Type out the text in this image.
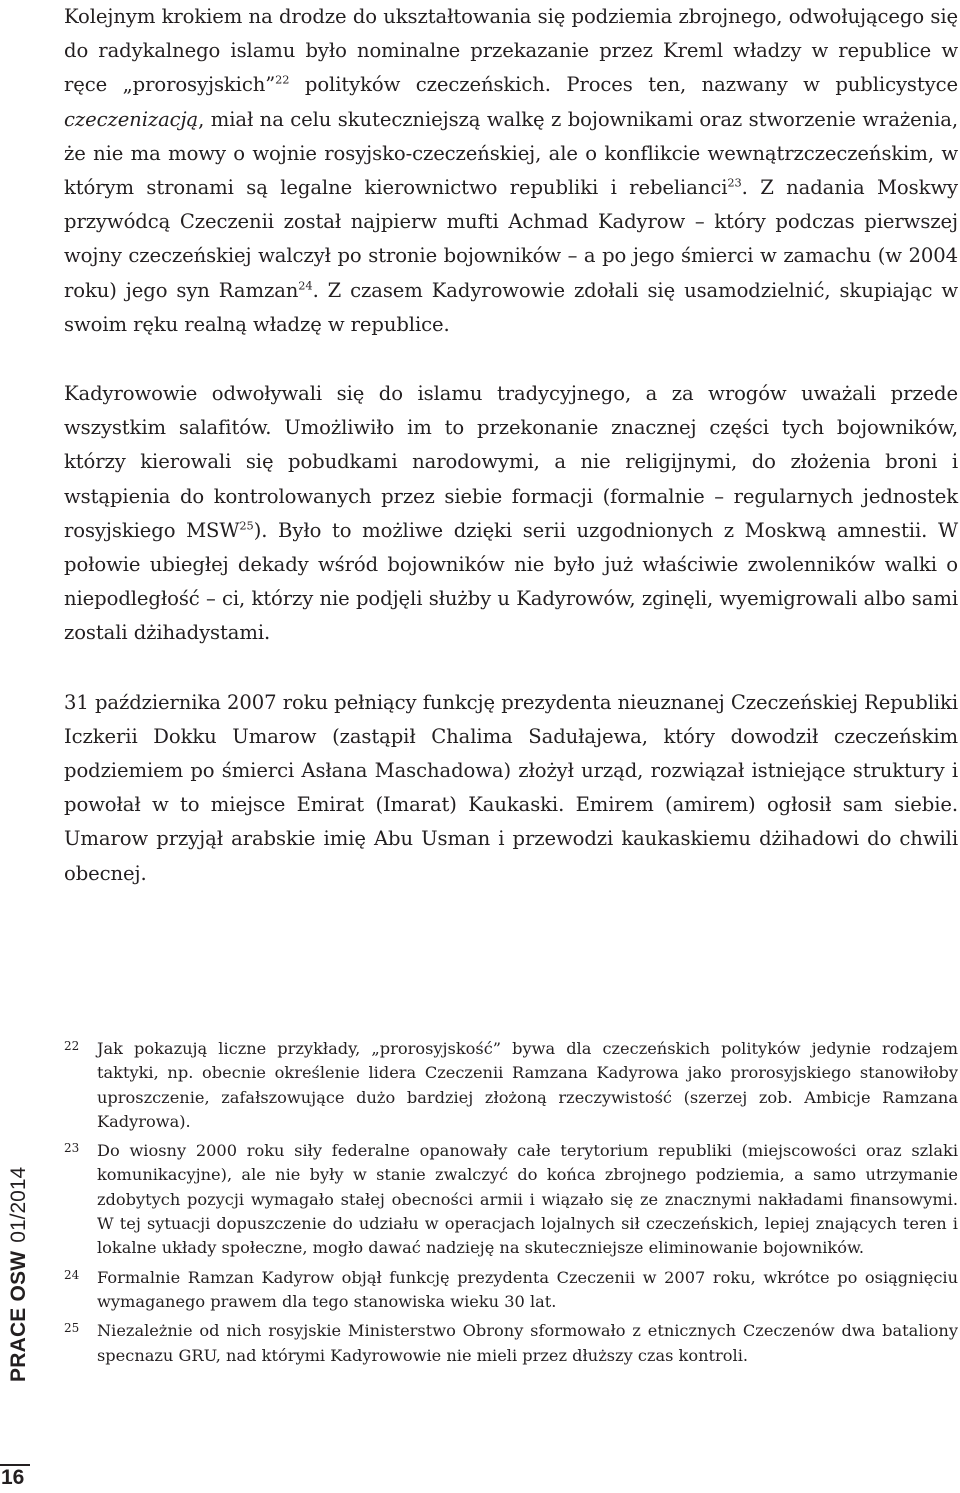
Kolejnym krokiem na drodze do ukształtowania się podziemia zbrojnego, odwołującego się do radykalnego islamu było nominalne przekazanie przez Kreml władzy w republice w ręce „prorosyjskich”$^{22}$ polityków czeczeńskich. Proces ten, nazwany w publicystyce czeczenizacją, miał na celu skuteczniejszą walkę z bojownikami oraz stworzenie wrażenia, że nie ma mowy o wojnie rosyjsko-czeczeńskiej, ale o konflikcie wewnątrzczeczeńskim, w którym stronami są legalne kierownictwo republiki i rebelianci$^{23}$. Z nadania Moskwy przywódcą Czeczenii został najpierw mufti Achmad Kadyrow – który podczas pierwszej wojny czeczeńskiej walczył po stronie bojowników – a po jego śmierci w zamachu (w 2004 roku) jego syn Ramzan$^{24}$. Z czasem Kadyrowowie zdołali się usamodzielnić, skupiając w swoim ręku realną władzę w republice.

Kadyrowowie odwoływali się do islamu tradycyjnego, a za wrogów uważali przede wszystkim salafitów. Umożliwiło im to przekonanie znacznej części tych bojowników, którzy kierowali się pobudkami narodowymi, a nie religijnymi, do złożenia broni i wstąpienia do kontrolowanych przez siebie formacji (formalnie – regularnych jednostek rosyjskiego MSW$^{25}$). Było to możliwe dzięki serii uzgodnionych z Moskwą amnestii. W połowie ubiegłej dekady wśród bojowników nie było już właściwie zwolenników walki o niepodległość – ci, którzy nie podjęli służby u Kadyrowów, zginęli, wyemigrowali albo sami zostali dżihadystami.

31 października 2007 roku pełniący funkcję prezydenta nieuznanej Czeczeńskiej Republiki Iczkerii Dokku Umarow (zastąpił Chalima Sadułajewa, który dowodził czeczeńskim podziemiem po śmierci Asłana Maschadowa) złożył urząd, rozwiązał istniejące struktury i powołał w to miejsce Emirat (Imarat) Kaukaski. Emirem (amirem) ogłosił sam siebie. Umarow przyjął arabskie imię Abu Usman i przewodzi kaukaskiemu dżihadowi do chwili obecnej.

22	Jak pokazują liczne przykłady, „prorosyjskość” bywa dla czeczeńskich polityków jedynie rodzajem taktyki, np. obecnie określenie lidera Czeczenii Ramzana Kadyrowa jako prorosyjskiego stanowiłoby uproszczenie, zafałszowujące dużo bardziej złożoną rzeczywistość (szerzej zob. Ambicje Ramzana Kadyrowa).
23	Do wiosny 2000 roku siły federalne opanowały całe terytorium republiki (miejscowości oraz szlaki komunikacyjne), ale nie były w stanie zwalczyć do końca zbrojnego podziemia, a samo utrzymanie zdobytych pozycji wymagało stałej obecności armii i wiązało się ze znacznymi nakładami finansowymi. W tej sytuacji dopuszczenie do udziału w operacjach lojalnych sił czeczeńskich, lepiej znających teren i lokalne układy społeczne, mogło dawać nadzieję na skuteczniejsze eliminowanie bojowników.
24	Formalnie Ramzan Kadyrow objął funkcję prezydenta Czeczenii w 2007 roku, wkrótce po osiągnięciu wymaganego prawem dla tego stanowiska wieku 30 lat.
25	Niezależnie od nich rosyjskie Ministerstwo Obrony sformowało z etnicznych Czeczenów dwa bataliony specnazu GRU, nad którymi Kadyrowowie nie mieli przez dłuższy czas kontroli.
PRACE OSW01/2014
16
